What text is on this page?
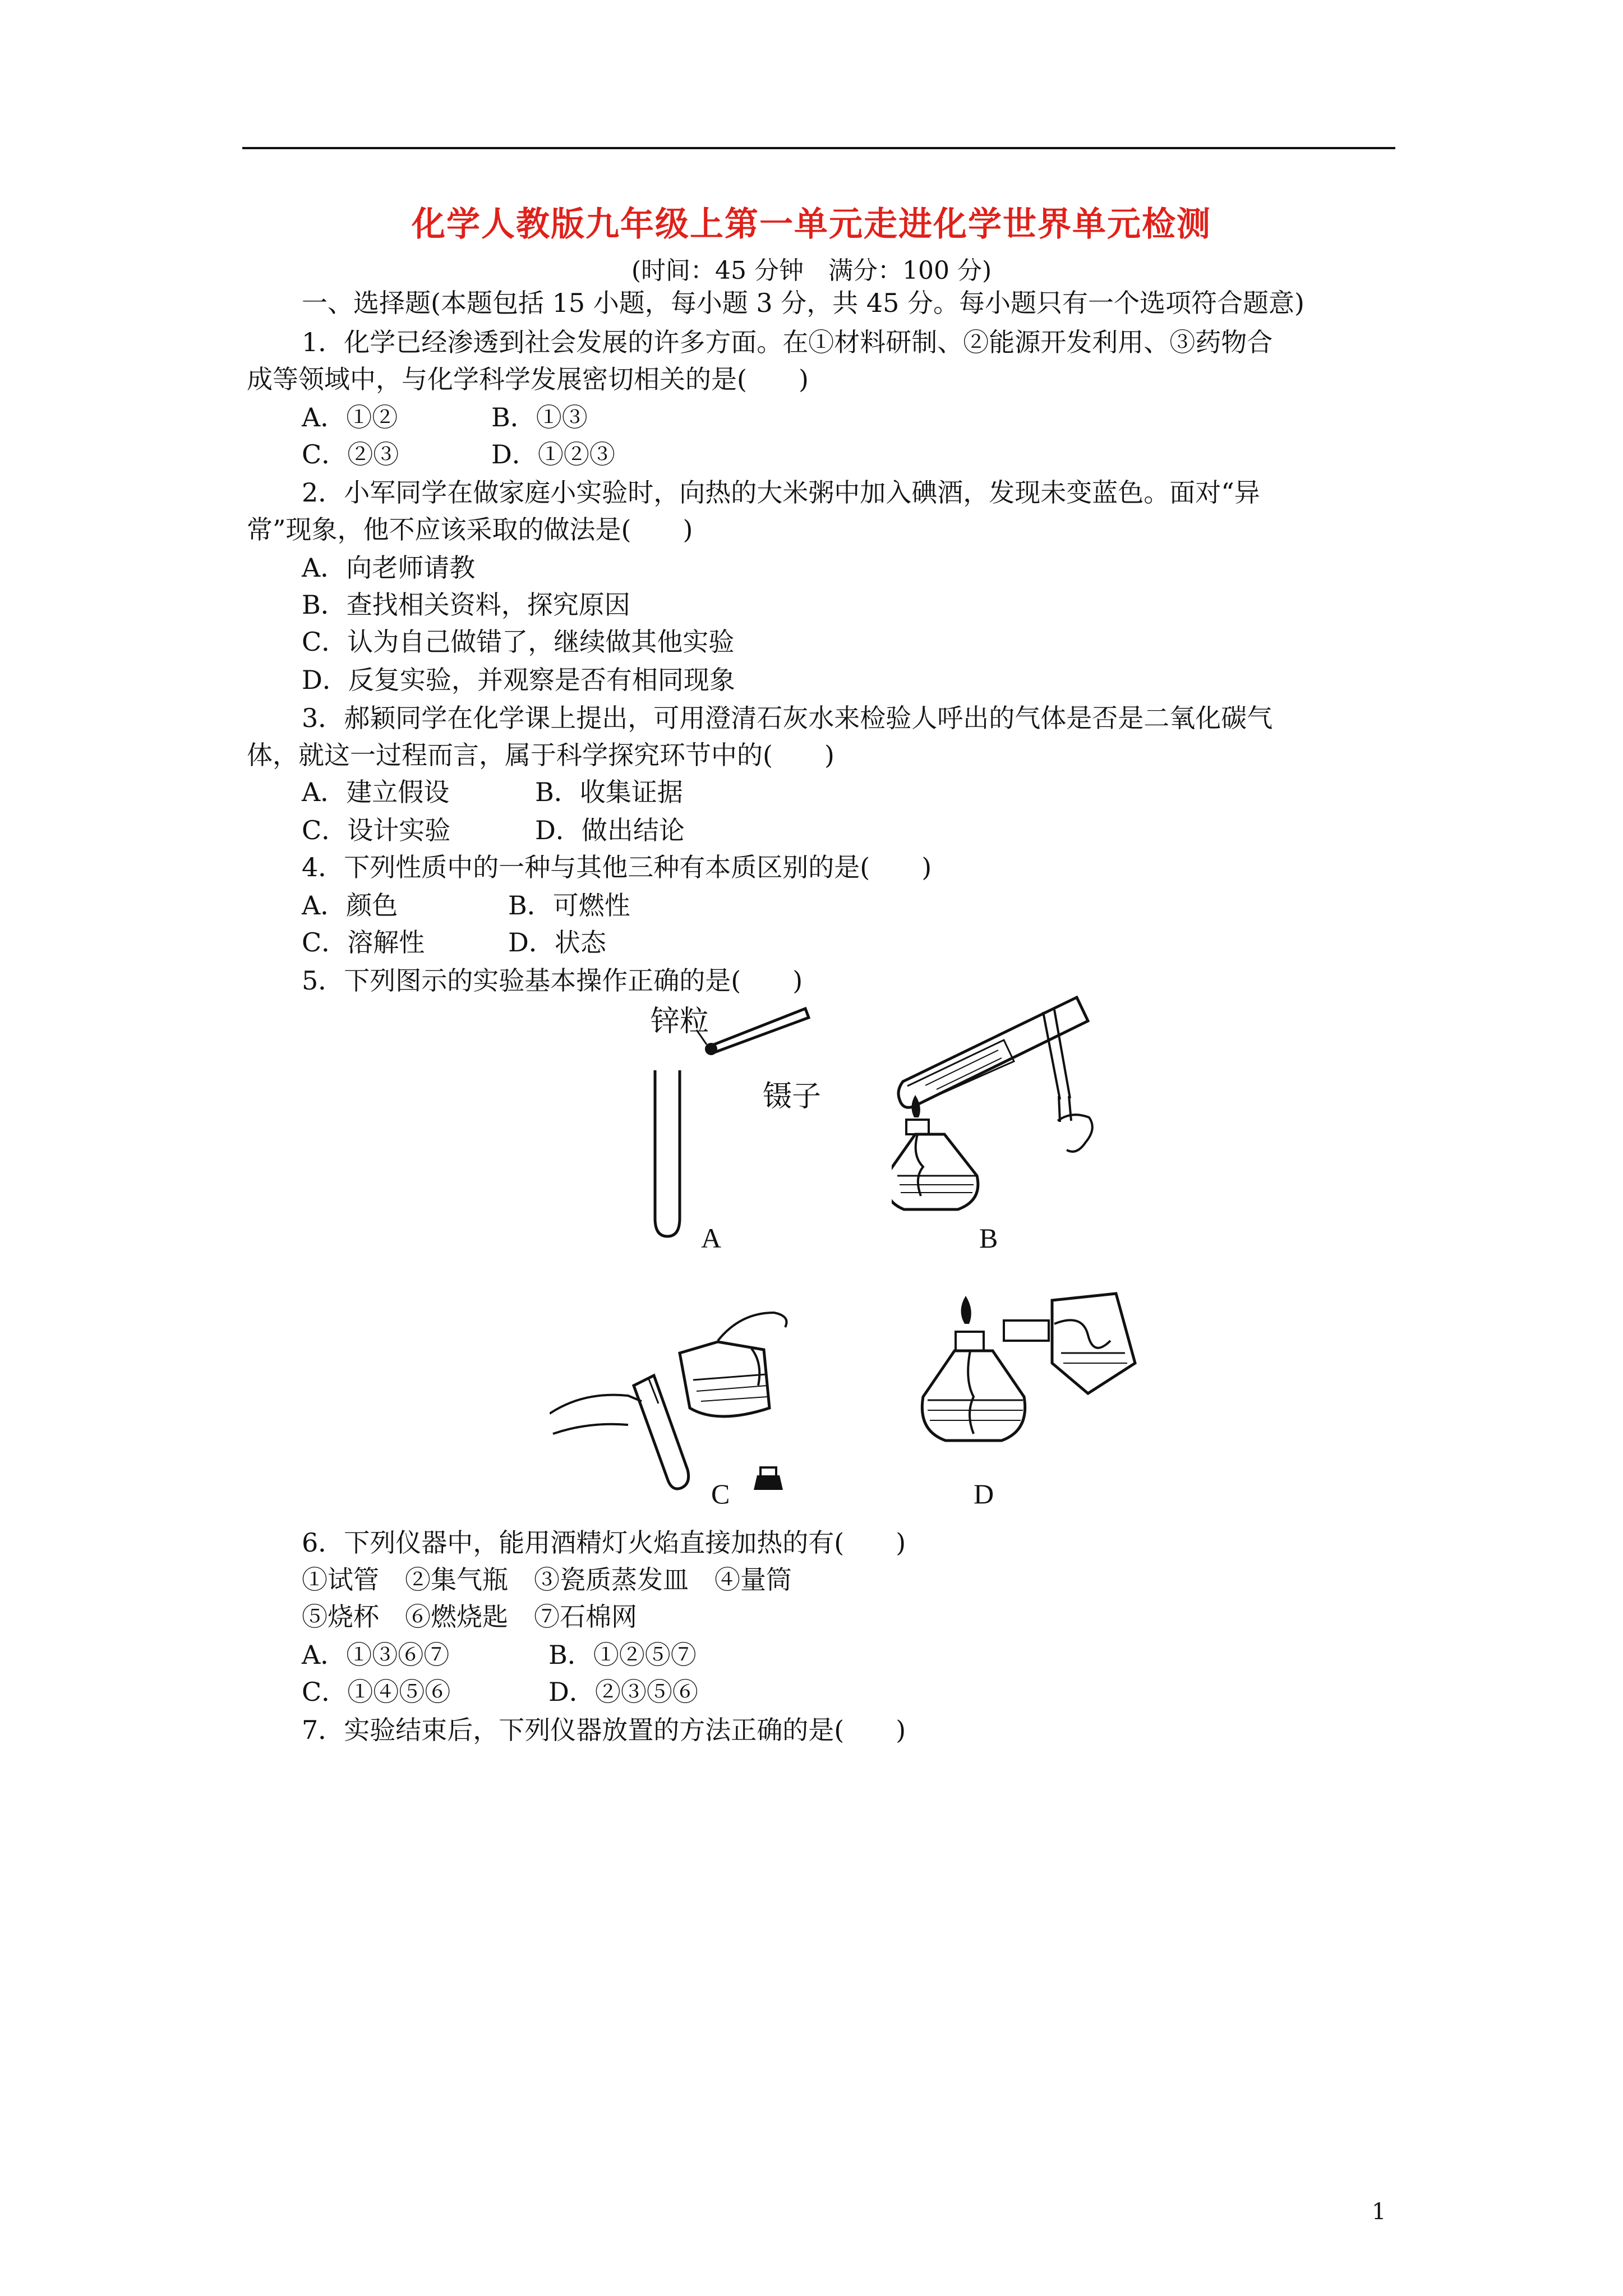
化学人教版九年级上第一单元走进化学世界单元检测
(时间：45 分钟　满分：100 分)
一、选择题(本题包括 15 小题，每小题 3 分，共 45 分。每小题只有一个选项符合题意)
1．化学已经渗透到社会发展的许多方面。在①材料研制、②能源开发利用、③药物合
成等领域中，与化学科学发展密切相关的是(　　)
A．①②	B．①③
C．②③	D．①②③
2．小军同学在做家庭小实验时，向热的大米粥中加入碘酒，发现未变蓝色。面对“异
常”现象，他不应该采取的做法是(　　)
A．向老师请教
B．查找相关资料，探究原因
C．认为自己做错了，继续做其他实验
D．反复实验，并观察是否有相同现象
3．郝颖同学在化学课上提出，可用澄清石灰水来检验人呼出的气体是否是二氧化碳气
体，就这一过程而言，属于科学探究环节中的(　　)
A．建立假设	B．收集证据
C．设计实验	D．做出结论
4．下列性质中的一种与其他三种有本质区别的是(　　)
A．颜色	B．可燃性
C．溶解性	D．状态
5．下列图示的实验基本操作正确的是(　　)
锌粒
镊子
A	B
C	D
6．下列仪器中，能用酒精灯火焰直接加热的有(　　)
①试管　②集气瓶　③瓷质蒸发皿　④量筒
⑤烧杯　⑥燃烧匙　⑦石棉网
A．①③⑥⑦	B．①②⑤⑦
C．①④⑤⑥	D．②③⑤⑥
7．实验结束后，下列仪器放置的方法正确的是(　　)
1
